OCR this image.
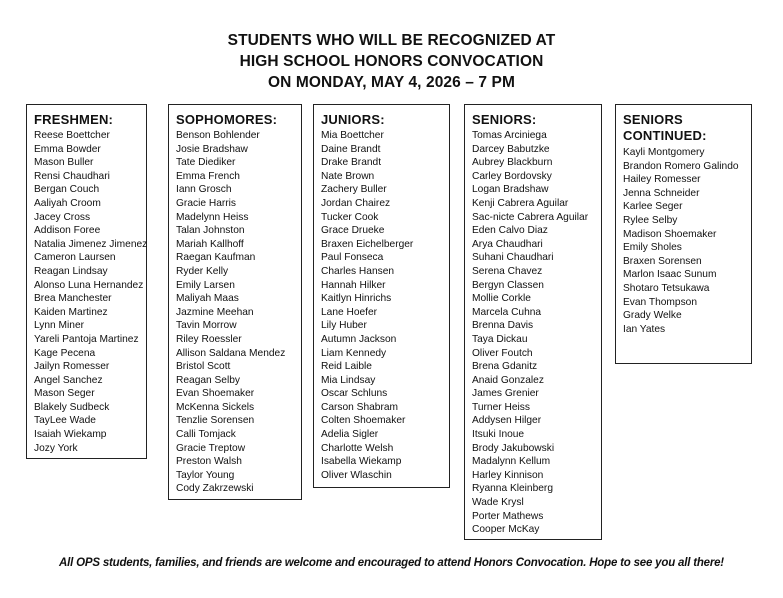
STUDENTS WHO WILL BE RECOGNIZED AT
HIGH SCHOOL HONORS CONVOCATION
ON MONDAY, MAY 4, 2026 – 7 PM
FRESHMEN:
Reese Boettcher
Emma Bowder
Mason Buller
Rensi Chaudhari
Bergan Couch
Aaliyah Croom
Jacey Cross
Addison Foree
Natalia Jimenez Jimenez
Cameron Laursen
Reagan Lindsay
Alonso Luna Hernandez
Brea Manchester
Kaiden Martinez
Lynn Miner
Yareli Pantoja Martinez
Kage Pecena
Jailyn Romesser
Angel Sanchez
Mason Seger
Blakely Sudbeck
TayLee Wade
Isaiah Wiekamp
Jozy York
SOPHOMORES:
Benson Bohlender
Josie Bradshaw
Tate Diediker
Emma French
Iann Grosch
Gracie Harris
Madelynn Heiss
Talan Johnston
Mariah Kallhoff
Raegan Kaufman
Ryder Kelly
Emily Larsen
Maliyah Maas
Jazmine Meehan
Tavin Morrow
Riley Roessler
Allison Saldana Mendez
Bristol Scott
Reagan Selby
Evan Shoemaker
McKenna Sickels
Tenzlie Sorensen
Calli Tomjack
Gracie Treptow
Preston Walsh
Taylor Young
Cody Zakrzewski
JUNIORS:
Mia Boettcher
Daine Brandt
Drake Brandt
Nate Brown
Zachery Buller
Jordan Chairez
Tucker Cook
Grace Drueke
Braxen Eichelberger
Paul Fonseca
Charles Hansen
Hannah Hilker
Kaitlyn Hinrichs
Lane Hoefer
Lily Huber
Autumn Jackson
Liam Kennedy
Reid Laible
Mia Lindsay
Oscar Schluns
Carson Shabram
Colten Shoemaker
Adelia Sigler
Charlotte Welsh
Isabella Wiekamp
Oliver Wlaschin
SENIORS:
Tomas Arciniega
Darcey Babutzke
Aubrey Blackburn
Carley Bordovsky
Logan Bradshaw
Kenji Cabrera Aguilar
Sac-nicte Cabrera Aguilar
Eden Calvo Diaz
Arya Chaudhari
Suhani Chaudhari
Serena Chavez
Bergyn Classen
Mollie Corkle
Marcela Cuhna
Brenna Davis
Taya Dickau
Oliver Foutch
Brena Gdanitz
Anaid Gonzalez
James Grenier
Turner Heiss
Addysen Hilger
Itsuki Inoue
Brody Jakubowski
Madalynn Kellum
Harley Kinnison
Ryanna Kleinberg
Wade Krysl
Porter Mathews
Cooper McKay
SENIORS
CONTINUED:
Kayli Montgomery
Brandon Romero Galindo
Hailey Romesser
Jenna Schneider
Karlee Seger
Rylee Selby
Madison Shoemaker
Emily Sholes
Braxen Sorensen
Marlon Isaac Sunum
Shotaro Tetsukawa
Evan Thompson
Grady Welke
Ian Yates
All OPS students, families, and friends are welcome and encouraged to attend Honors Convocation. Hope to see you all there!
